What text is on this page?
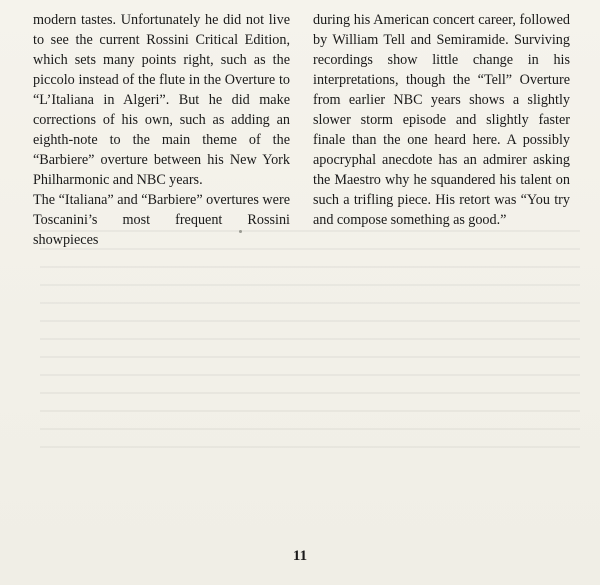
modern tastes. Unfortunately he did not live to see the current Rossini Critical Edition, which sets many points right, such as the piccolo instead of the flute in the Overture to “L’Italiana in Algeri”. But he did make corrections of his own, such as adding an eighth-note to the main theme of the “Barbiere” overture between his New York Philharmonic and NBC years.

The “Italiana” and “Barbiere” overtures were Toscanini’s most frequent Rossini showpieces

during his American concert career, followed by William Tell and Semiramide. Surviving recordings show little change in his interpretations, though the “Tell” Overture from earlier NBC years shows a slightly slower storm episode and slightly faster finale than the one heard here. A possibly apocryphal anecdote has an admirer asking the Maestro why he squandered his talent on such a trifling piece. His retort was “You try and compose something as good.”

11
